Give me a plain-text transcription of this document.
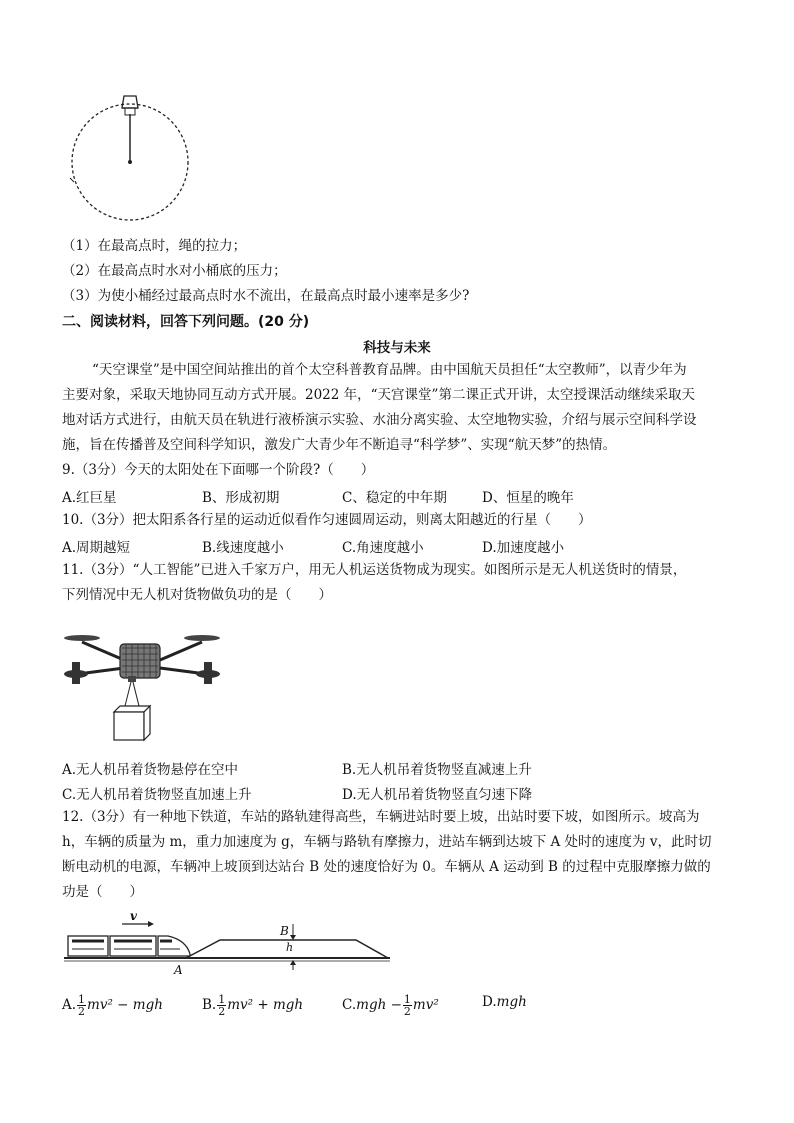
（1）在最高点时，绳的拉力；
（2）在最高点时水对小桶底的压力；
（3）为使小桶经过最高点时水不流出，在最高点时最小速率是多少?
二、阅读材料，回答下列问题。(20 分)
科技与未来
“天空课堂”是中国空间站推出的首个太空科普教育品牌。由中国航天员担任“太空教师”，以青少年为
主要对象，采取天地协同互动方式开展。2022 年，“天宫课堂”第二课正式开讲，太空授课活动继续采取天
地对话方式进行，由航天员在轨进行液桥演示实验、水油分离实验、太空地物实验，介绍与展示空间科学设
施，旨在传播普及空间科学知识，激发广大青少年不断追寻“科学梦”、实现“航天梦”的热情。
9.（3分）今天的太阳处在下面哪一个阶段?（　　）
A.红巨星	B、形成初期	C、稳定的中年期	D、恒星的晚年
10.（3分）把太阳系各行星的运动近似看作匀速圆周运动，则离太阳越近的行星（　　）
A.周期越短	B.线速度越小	C.角速度越小	D.加速度越小
11.（3分）“人工智能”已进入千家万户，用无人机运送货物成为现实。如图所示是无人机送货时的情景，
下列情况中无人机对货物做负功的是（　　）
A.无人机吊着货物悬停在空中	B.无人机吊着货物竖直减速上升
C.无人机吊着货物竖直加速上升	D.无人机吊着货物竖直匀速下降
12.（3分）有一种地下铁道，车站的路轨建得高些，车辆进站时要上坡，出站时要下坡，如图所示。坡高为
h，车辆的质量为 m，重力加速度为 g，车辆与路轨有摩擦力，进站车辆到达坡下 A 处时的速度为 v，此时切
断电动机的电源，车辆冲上坡顶到达站台 B 处的速度恰好为 0。车辆从 A 运动到 B 的过程中克服摩擦力做的
功是（　　）
v
A
B
h
A. $\frac{1}{2} mv^2$ − mgh	B. $\frac{1}{2} mv^2$ + mgh	$C.mgh - \frac{1}{2} mv^2$	D.mgh
